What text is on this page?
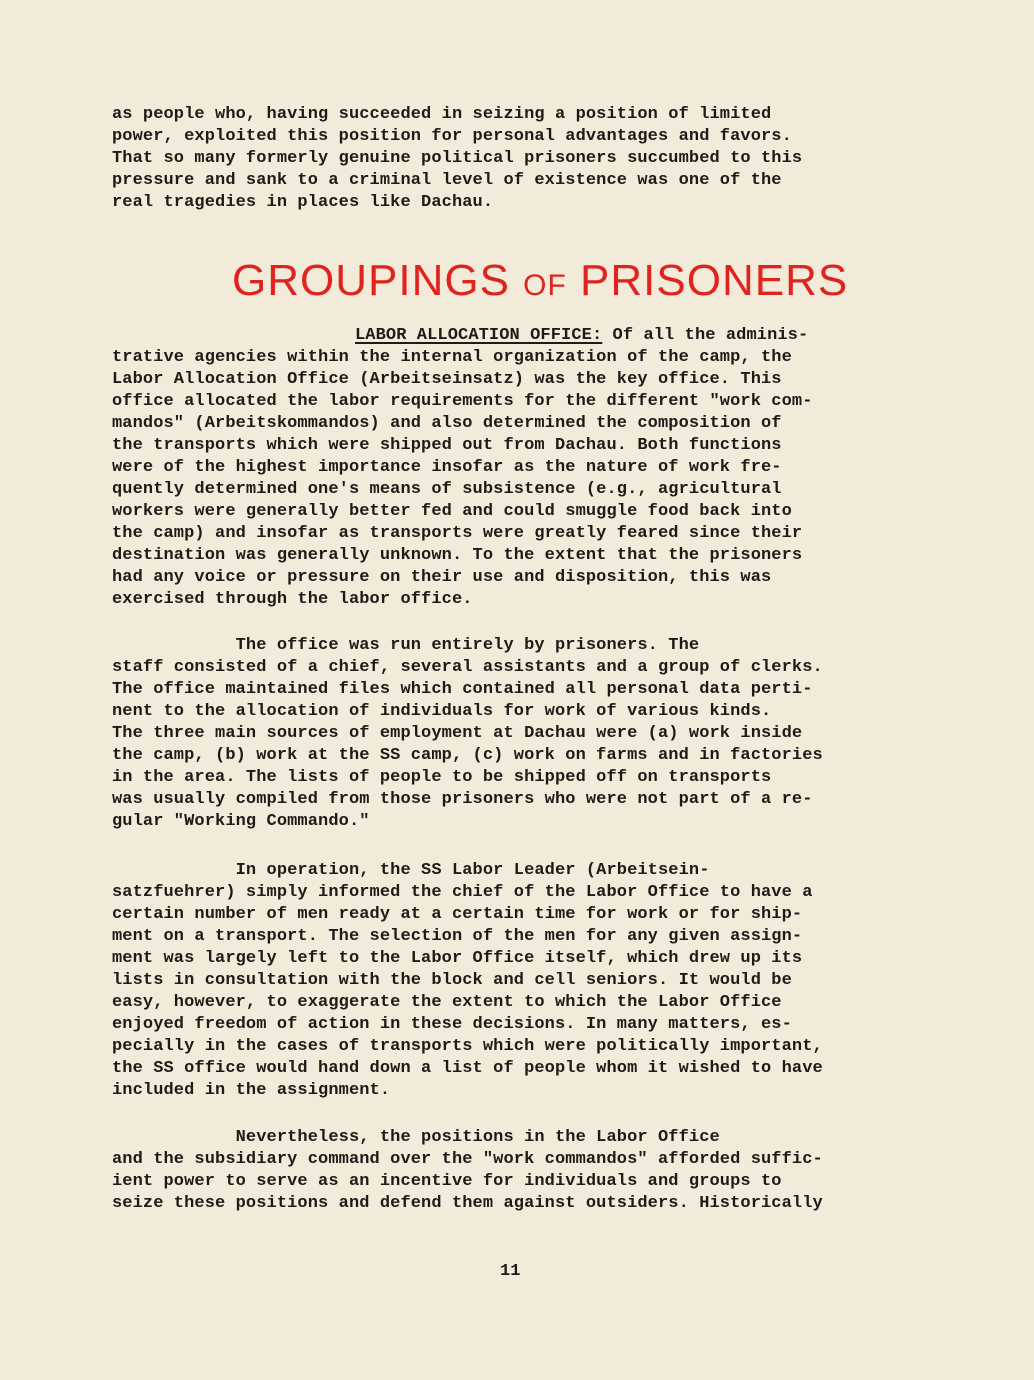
as people who, having succeeded in seizing a position of limited
power, exploited this position for personal advantages and favors.
That so many formerly genuine political prisoners succumbed to this
pressure and sank to a criminal level of existence was one of the
real tragedies in places like Dachau.
GROUPINGS OF PRISONERS
LABOR ALLOCATION OFFICE: Of all the adminis-
trative agencies within the internal organization of the camp, the
Labor Allocation Office (Arbeitseinsatz) was the key office. This
office allocated the labor requirements for the different "work com-
mandos" (Arbeitskommandos) and also determined the composition of
the transports which were shipped out from Dachau. Both functions
were of the highest importance insofar as the nature of work fre-
quently determined one's means of subsistence (e.g., agricultural
workers were generally better fed and could smuggle food back into
the camp) and insofar as transports were greatly feared since their
destination was generally unknown. To the extent that the prisoners
had any voice or pressure on their use and disposition, this was
exercised through the labor office.
The office was run entirely by prisoners. The
staff consisted of a chief, several assistants and a group of clerks.
The office maintained files which contained all personal data perti-
nent to the allocation of individuals for work of various kinds.
The three main sources of employment at Dachau were (a) work inside
the camp, (b) work at the SS camp, (c) work on farms and in factories
in the area. The lists of people to be shipped off on transports
was usually compiled from those prisoners who were not part of a re-
gular "Working Commando."
In operation, the SS Labor Leader (Arbeitsein-
satzfuehrer) simply informed the chief of the Labor Office to have a
certain number of men ready at a certain time for work or for ship-
ment on a transport. The selection of the men for any given assign-
ment was largely left to the Labor Office itself, which drew up its
lists in consultation with the block and cell seniors. It would be
easy, however, to exaggerate the extent to which the Labor Office
enjoyed freedom of action in these decisions. In many matters, es-
pecially in the cases of transports which were politically important,
the SS office would hand down a list of people whom it wished to have
included in the assignment.
Nevertheless, the positions in the Labor Office
and the subsidiary command over the "work commandos" afforded suffic-
ient power to serve as an incentive for individuals and groups to
seize these positions and defend them against outsiders. Historically
11
